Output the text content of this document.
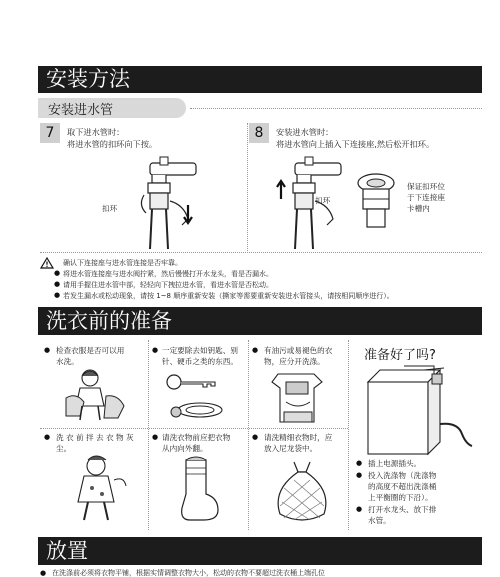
安装方法
安装进水管
7	取下进水管时：
将进水管的扣环向下按。
扣环
8	安装进水管时：
将进水管向上插入下连接座,然后松开扣环。
扣环
保证扣环位
于下连接座
卡槽内
确认下连接座与进水管连接是否牢靠。
● 将进水管连接座与进水阀拧紧，然后慢慢打开水龙头，看是否漏水。
● 请用手握住进水管中部，轻轻向下拽拉进水管，看进水管是否松动。
● 若发生漏水或松动现象，请按 1~8 顺序重新安装（撕家等需要重新安装进水管接头，请按相同顺序进行）。
洗衣前的准备
● 检查衣服是否可以用
水洗。
● 一定要除去如钥匙、别
针、硬币之类的东西。
● 有油污或易褪色的衣
物，应分开洗涤。
● 洗 衣 前 拌 去 衣 物 灰
尘。
● 请洗衣物前应把衣物
从内向外翻。
● 请洗精细衣物时，应
放入尼龙袋中。
准备好了吗?
● 插上电源插头。
● 投入洗涤物（洗涤物
的高度不超出洗涤桶
上平衡圈的下沿）。
● 打开水龙头、放下排
水管。
放置
● 在洗涤前必须将衣物平铺，根据实情调整衣物大小，松动的衣物不要超过洗衣桶上端孔位
